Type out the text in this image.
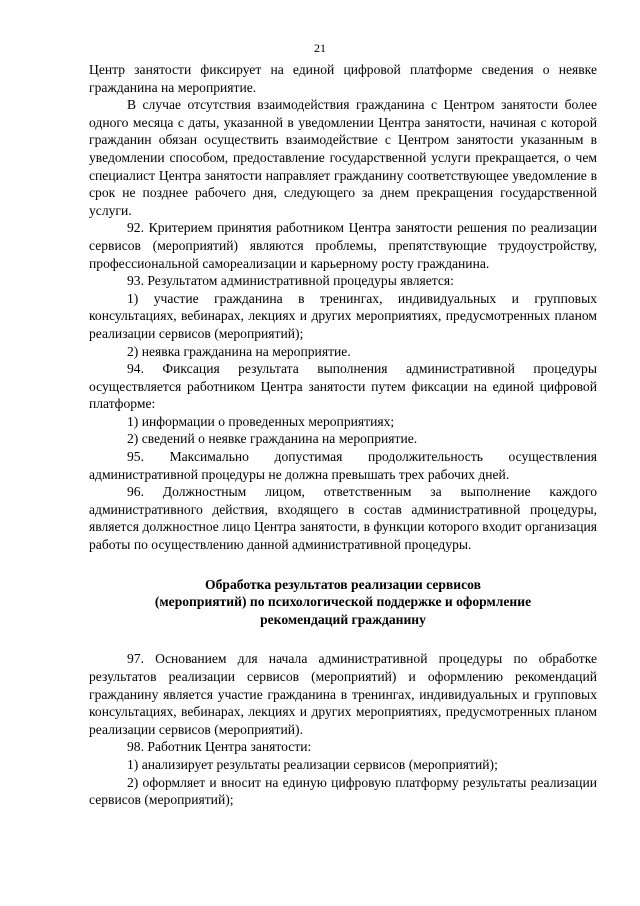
21

Центр занятости фиксирует на единой цифровой платформе сведения о неявке гражданина на мероприятие.

В случае отсутствия взаимодействия гражданина с Центром занятости более одного месяца с даты, указанной в уведомлении Центра занятости, начиная с которой гражданин обязан осуществить взаимодействие с Центром занятости указанным в уведомлении способом, предоставление государственной услуги прекращается, о чем специалист Центра занятости направляет гражданину соответствующее уведомление в срок не позднее рабочего дня, следующего за днем прекращения государственной услуги.

92. Критерием принятия работником Центра занятости решения по реализации сервисов (мероприятий) являются проблемы, препятствующие трудоустройству, профессиональной самореализации и карьерному росту гражданина.

93. Результатом административной процедуры является:

1) участие гражданина в тренингах, индивидуальных и групповых консультациях, вебинарах, лекциях и других мероприятиях, предусмотренных планом реализации сервисов (мероприятий);

2) неявка гражданина на мероприятие.

94. Фиксация результата выполнения административной процедуры осуществляется работником Центра занятости путем фиксации на единой цифровой платформе:

1) информации о проведенных мероприятиях;

2) сведений о неявке гражданина на мероприятие.

95. Максимально допустимая продолжительность осуществления административной процедуры не должна превышать трех рабочих дней.

96. Должностным лицом, ответственным за выполнение каждого административного действия, входящего в состав административной процедуры, является должностное лицо Центра занятости, в функции которого входит организация работы по осуществлению данной административной процедуры.

Обработка результатов реализации сервисов
(мероприятий) по психологической поддержке и оформление
рекомендаций гражданину

97. Основанием для начала административной процедуры по обработке результатов реализации сервисов (мероприятий) и оформлению рекомендаций гражданину является участие гражданина в тренингах, индивидуальных и групповых консультациях, вебинарах, лекциях и других мероприятиях, предусмотренных планом реализации сервисов (мероприятий).

98. Работник Центра занятости:

1) анализирует результаты реализации сервисов (мероприятий);

2) оформляет и вносит на единую цифровую платформу результаты реализации сервисов (мероприятий);
